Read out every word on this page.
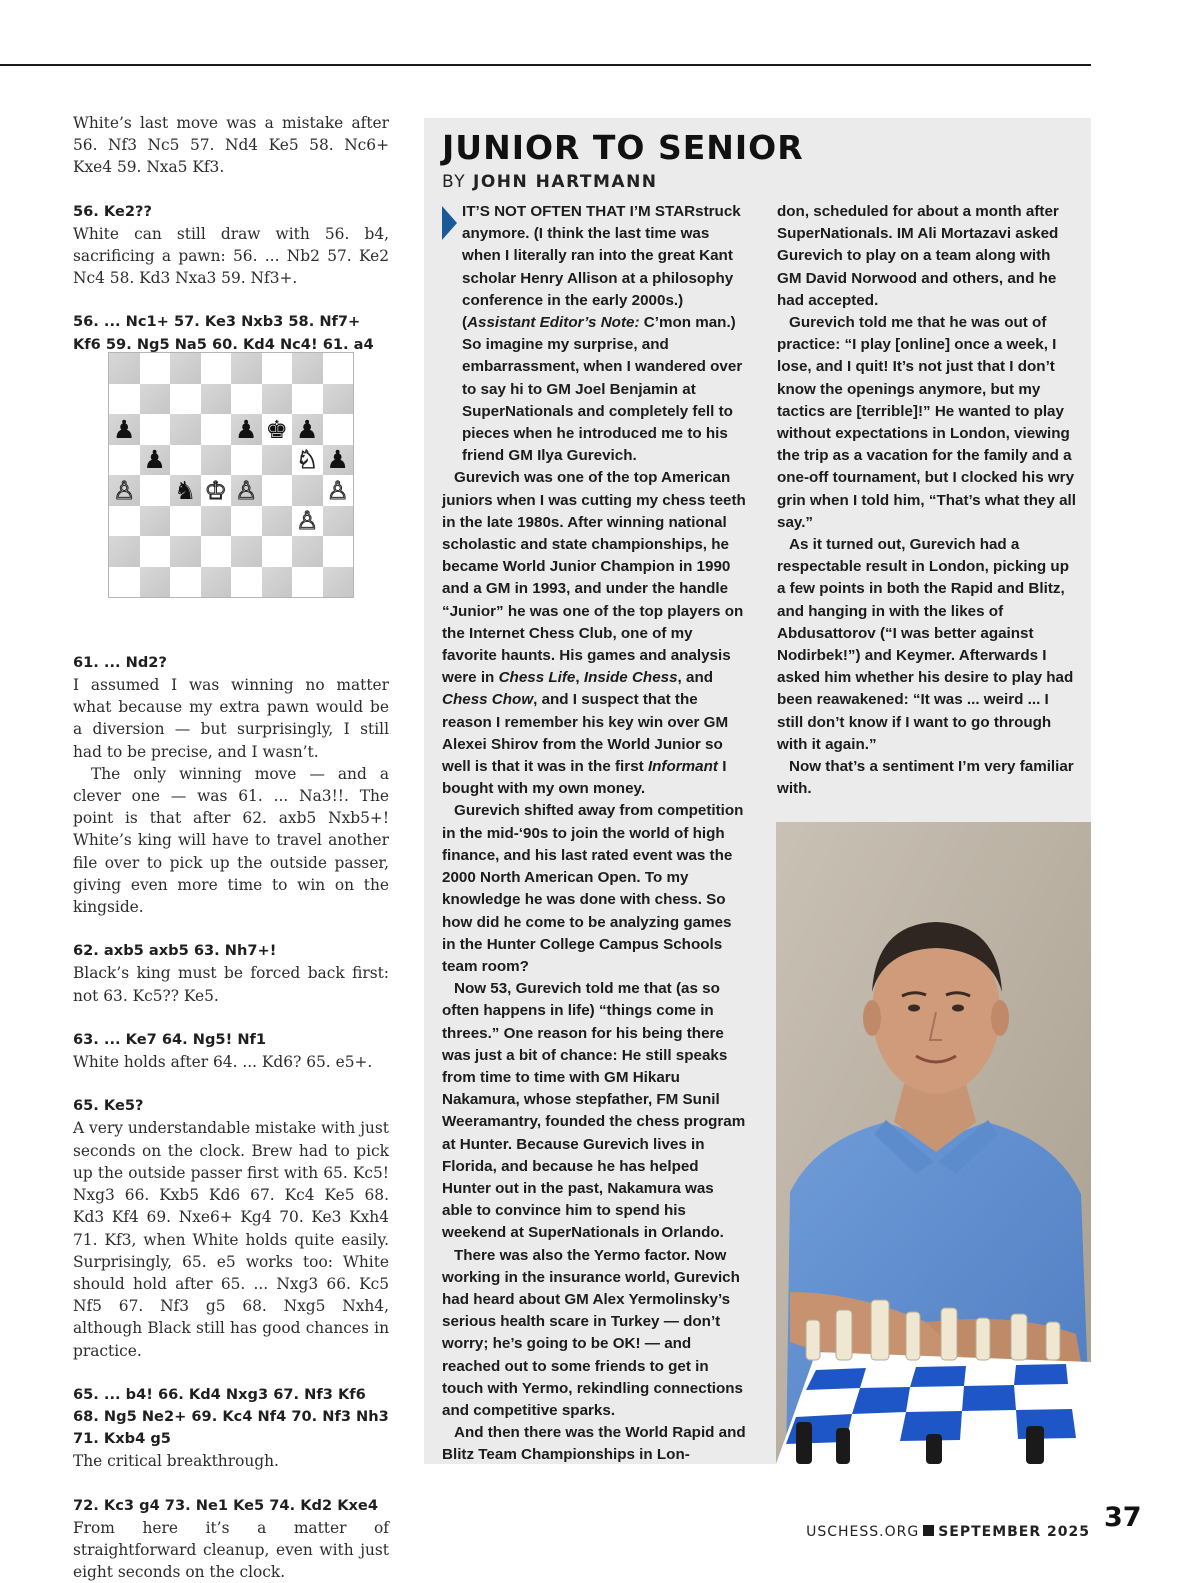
White’s last move was a mistake after 56. Nf3 Nc5 57. Nd4 Ke5 58. Nc6+ Kxe4 59. Nxa5 Kf3.

56. Ke2??

White can still draw with 56. b4, sacrificing a pawn: 56. ... Nb2 57. Ke2 Nc4 58. Kd3 Nxa3 59. Nf3+.

56. ... Nc1+ 57. Ke3 Nxb3 58. Nf7+ Kf6 59. Ng5 Na5 60. Kd4 Nc4! 61. a4

61. ... Nd2?

I assumed I was winning no matter what because my extra pawn would be a diversion — but surprisingly, I still had to be precise, and I wasn’t.

The only winning move — and a clever one — was 61. ... Na3!!. The point is that after 62. axb5 Nxb5+! White’s king will have to travel another file over to pick up the outside passer, giving even more time to win on the kingside.

62. axb5 axb5 63. Nh7+!

Black’s king must be forced back first: not 63. Kc5?? Ke5.

63. ... Ke7 64. Ng5! Nf1

White holds after 64. ... Kd6? 65. e5+.

65. Ke5?

A very understandable mistake with just seconds on the clock. Brew had to pick up the outside passer first with 65. Kc5! Nxg3 66. Kxb5 Kd6 67. Kc4 Ke5 68. Kd3 Kf4 69. Nxe6+ Kg4 70. Ke3 Kxh4 71. Kf3, when White holds quite easily. Surprisingly, 65. e5 works too: White should hold after 65. ... Nxg3 66. Kc5 Nf5 67. Nf3 g5 68. Nxg5 Nxh4, although Black still has good chances in practice.

65. ... b4! 66. Kd4 Nxg3 67. Nf3 Kf6 68. Ng5 Ne2+ 69. Kc4 Nf4 70. Nf3 Nh3 71. Kxb4 g5

The critical breakthrough.

72. Kc3 g4 73. Ne1 Ke5 74. Kd2 Kxe4

From here it’s a matter of straightforward cleanup, even with just eight seconds on the clock.

♟	♟ ♚ ♟
♟	♘ ♟
♙ ♞ ♔ ♙	♙
♙
JUNIOR TO SENIOR
BY JOHN HARTMANN

IT’S NOT OFTEN THAT I’M STARstruck anymore. (I think the last time was when I literally ran into the great Kant scholar Henry Allison at a philosophy conference in the early 2000s.) (Assistant Editor’s Note: C’mon man.) So imagine my surprise, and embarrassment, when I wandered over to say hi to GM Joel Benjamin at SuperNationals and completely fell to pieces when he introduced me to his friend GM Ilya Gurevich.

Gurevich was one of the top American juniors when I was cutting my chess teeth in the late 1980s. After winning national scholastic and state championships, he became World Junior Champion in 1990 and a GM in 1993, and under the handle “Junior” he was one of the top players on the Internet Chess Club, one of my favorite haunts. His games and analysis were in Chess Life, Inside Chess, and Chess Chow, and I suspect that the reason I remember his key win over GM Alexei Shirov from the World Junior so well is that it was in the first Informant I bought with my own money.

Gurevich shifted away from competition in the mid-‘90s to join the world of high finance, and his last rated event was the 2000 North American Open. To my knowledge he was done with chess. So how did he come to be analyzing games in the Hunter College Campus Schools team room?

Now 53, Gurevich told me that (as so often happens in life) “things come in threes.” One reason for his being there was just a bit of chance: He still speaks from time to time with GM Hikaru Nakamura, whose stepfather, FM Sunil Weeramantry, founded the chess program at Hunter. Because Gurevich lives in Florida, and because he has helped Hunter out in the past, Nakamura was able to convince him to spend his weekend at SuperNationals in Orlando.

There was also the Yermo factor. Now working in the insurance world, Gurevich had heard about GM Alex Yermolinsky’s serious health scare in Turkey — don’t worry; he’s going to be OK! — and reached out to some friends to get in touch with Yermo, rekindling connections and competitive sparks.

And then there was the World Rapid and Blitz Team Championships in Lon-

don, scheduled for about a month after SuperNationals. IM Ali Mortazavi asked Gurevich to play on a team along with GM David Norwood and others, and he had accepted.

Gurevich told me that he was out of practice: “I play [online] once a week, I lose, and I quit! It’s not just that I don’t know the openings anymore, but my tactics are [terrible]!” He wanted to play without expectations in London, viewing the trip as a vacation for the family and a one-off tournament, but I clocked his wry grin when I told him, “That’s what they all say.”

As it turned out, Gurevich had a respectable result in London, picking up a few points in both the Rapid and Blitz, and hanging in with the likes of Abdusattorov (“I was better against Nodirbek!”) and Keymer. Afterwards I asked him whether his desire to play had been reawakened: “It was ... weird ... I still don’t know if I want to go through with it again.”

Now that’s a sentiment I’m very familiar with.

USCHESS.ORG SEPTEMBER 2025 37
